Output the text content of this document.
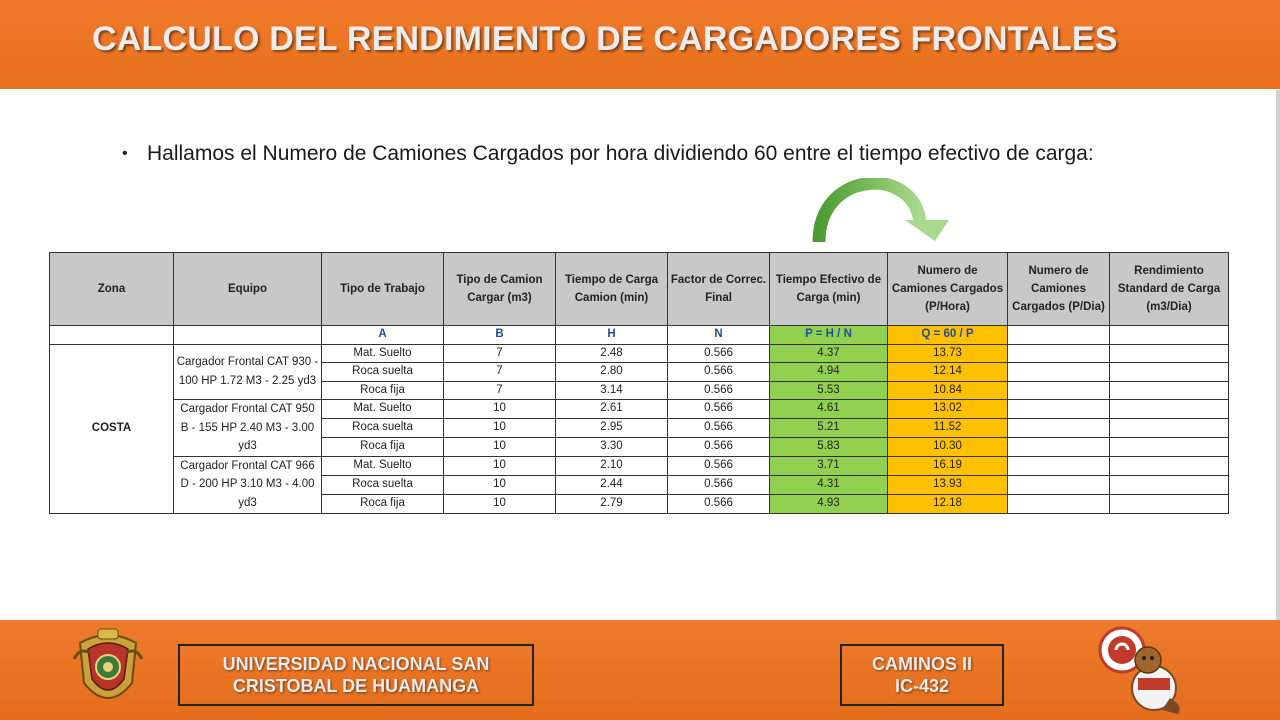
CALCULO DEL RENDIMIENTO DE CARGADORES FRONTALES
• Hallamos el Numero de Camiones Cargados por hora dividiendo 60 entre el tiempo efectivo de carga:
Zona	Equipo	Tipo de Trabajo	Tipo de Camion Cargar (m3)	Tiempo de Carga Camion (min)	Factor de Correc. Final	Tiempo Efectivo de Carga (min)	Numero de Camiones Cargados (P/Hora)	Numero de Camiones Cargados (P/Dia)	Rendimiento Standard de Carga (m3/Dia)
		A	B	H	N	P = H / N	Q = 60 / P		
COSTA	Cargador Frontal CAT 930 - 100 HP 1.72 M3 - 2.25 yd3	Mat. Suelto	7	2.48	0.566	4.37	13.73		
		Roca suelta	7	2.80	0.566	4.94	12.14		
		Roca fija	7	3.14	0.566	5.53	10.84		
	Cargador Frontal CAT 950 B - 155 HP 2.40 M3 - 3.00 yd3	Mat. Suelto	10	2.61	0.566	4.61	13.02		
		Roca suelta	10	2.95	0.566	5.21	11.52		
		Roca fija	10	3.30	0.566	5.83	10.30		
	Cargador Frontal CAT 966 D - 200 HP 3.10 M3 - 4.00 yd3	Mat. Suelto	10	2.10	0.566	3.71	16.19		
		Roca suelta	10	2.44	0.566	4.31	13.93		
		Roca fija	10	2.79	0.566	4.93	12.18		
UNIVERSIDAD NACIONAL SAN
CRISTOBAL DE HUAMANGA
CAMINOS II
IC-432
